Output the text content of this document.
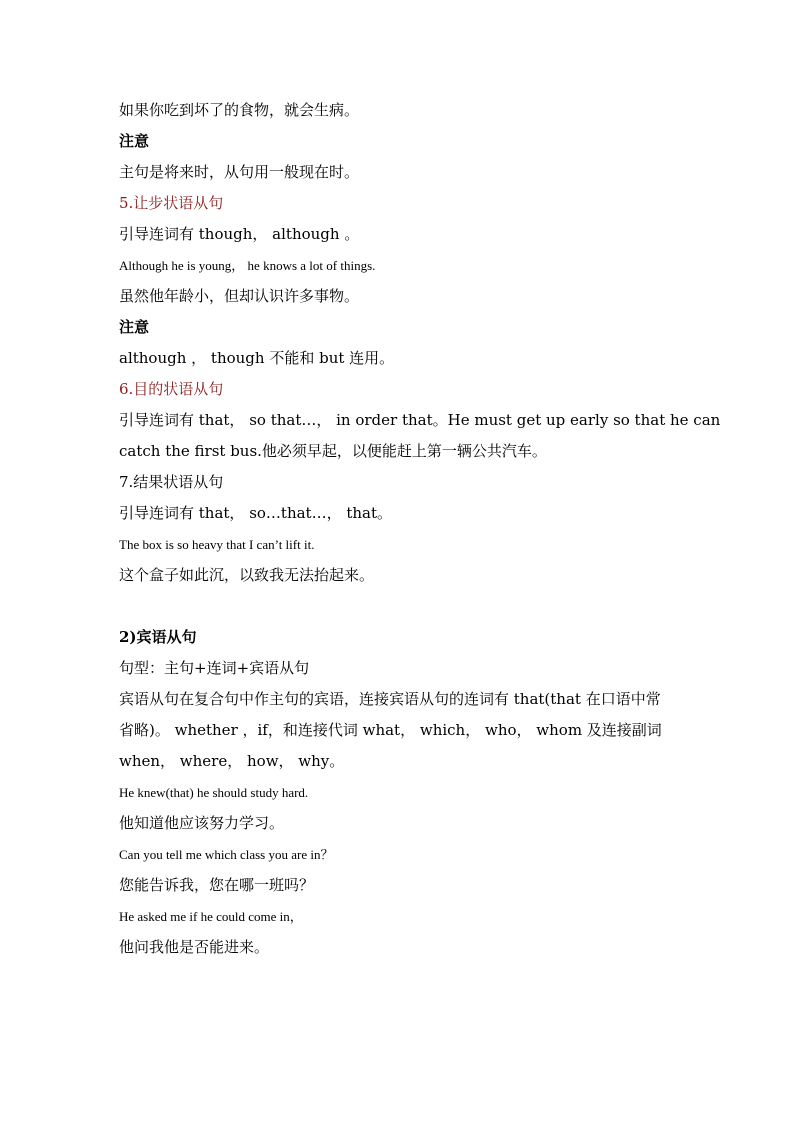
如果你吃到坏了的食物，就会生病。
注意
主句是将来时，从句用一般现在时。
5.让步状语从句
引导连词有 though， although 。
Although he is young， he knows a lot of things.
虽然他年龄小，但却认识许多事物。
注意
although ， though 不能和 but 连用。
6.目的状语从句
引导连词有 that， so that…， in order that。He must get up early so that he can
catch the first bus.他必须早起，以便能赶上第一辆公共汽车。
7.结果状语从句
引导连词有 that， so…that…， that。
The box is so heavy that I can’t lift it.
这个盒子如此沉，以致我无法抬起来。
2)宾语从句
句型：主句+连词+宾语从句
宾语从句在复合句中作主句的宾语，连接宾语从句的连词有 that(that 在口语中常
省略)。 whether ，if，和连接代词 what， which， who， whom 及连接副词
when， where， how， why。
He knew(that) he should study hard.
他知道他应该努力学习。
Can you tell me which class you are in？
您能告诉我，您在哪一班吗？
He asked me if he could come in，
他问我他是否能进来。
